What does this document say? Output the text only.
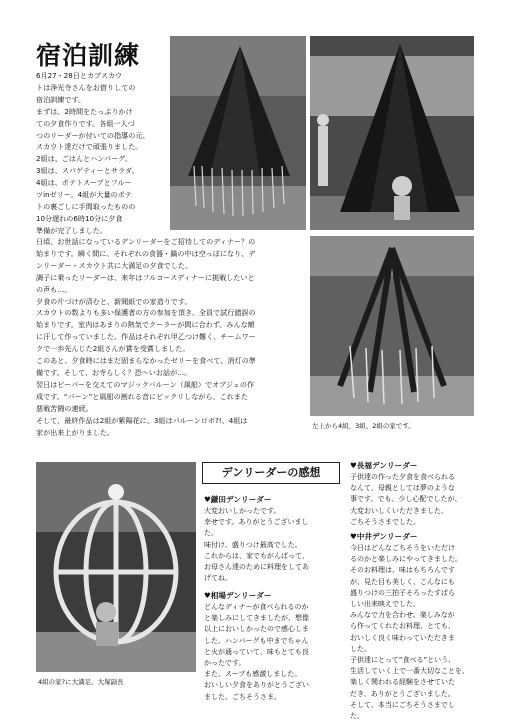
宿泊訓練

6月27・28日とカブスカウ
トは浄光寺さんをお借りしての
宿泊訓練です。
まずは、2時間をたっぷりかけ
ての夕食作りです。各組一人づ
つのリーダーが付いての指導の元、
スカウト達だけで頑張りました。
2組は、ごはんとハンバーグ。
3組は、スパゲティーとサラダ。
4組は、ポテトスープとフルー
ツinゼリー。4組が大量のポテ
トの裏ごしに手間取ったものの
10分遅れの6時10分に夕食
準備が完了しました。

左上から4組、3組、2組の家です。

日頃、お世話になっているデンリーダーをご招待してのディナー？の
始まりです。瞬く間に、それぞれの食器・鍋の中は空っぽになり、デ
ンリーダー・スカウト共に大満足の夕食でした。
調子に乗ったリーダーは、来年はフルコースディナーに挑戦したいと
の声も…。
夕食の片づけが済むと、新聞紙での家造りです。
スカウトの数よりも多い保護者の方の参加を頂き、全員で試行錯誤の
始まりです。室内はあまりの熱気でクーラーが間に合わず、みんな額
に汗して作っていました。作品はそれぞれ甲乙つけ難く、チームワー
クで一歩先んじた2組さんが賞を受賞しました。
このあと、夕食時にはまだ固まらなかったゼリーを食べて、消灯の準
備です。そして、お寺らしく？恐～いお話が…。
翌日はビーバーを交えてのマジックバルーン（風船）でオブジェの作
成です。“バーン”と風船の割れる音にビックリしながら、これまた
悪戦苦闘の連続。
そして、最終作品は2組が紫陽花に、3組はバルーンロボ?!、4組は
家が出来上がりました。

4組の家?に大満足。大塚副長
デンリーダーの感想
♥鎌田デンリーダー

大変おいしかったです。
幸せです。ありがとうございまし
た。
味付け、盛りつけ最高でした。
これからは、家でもがんばって、
お母さん達のために料理をしてあ
げてね。

♥相場デンリーダー

どんなディナーが食べられるのか
と楽しみにしてきましたが、想像
以上においしかったので感心しま
した。ハンバーグも中までちゃん
と火が通っていて、味もとても良
かったです。
また、スープも感激しました。
おいしい夕食をありがとうござい
ました。ごちそうさま。

♥長福デンリーダー

子供達の作った夕食を食べられる
なんて、母親としては夢のような
事です。でも、少し心配でしたが、
大変おいしくいただきました。
ごちそうさまでした。

♥中井デンリーダー

今日はどんなごちそうをいただけ
るのかと楽しみにやってきました。
そのお料理は、味はもちろんです
が、見た目も美しく、こんなにも
盛りつけの三拍子そろったすばら
しい出来映えでした。
みんなで力を合わせ、楽しみなが
ら作ってくれたお料理、とても、
おいしく良く味わっていただきま
した。
子供達にとって“食べる”という、
生活していく上で一番大切なことを、
楽しく関われる経験をさせていた
だき、ありがとうございました。
そして、本当にごちそうさまでし
た。
